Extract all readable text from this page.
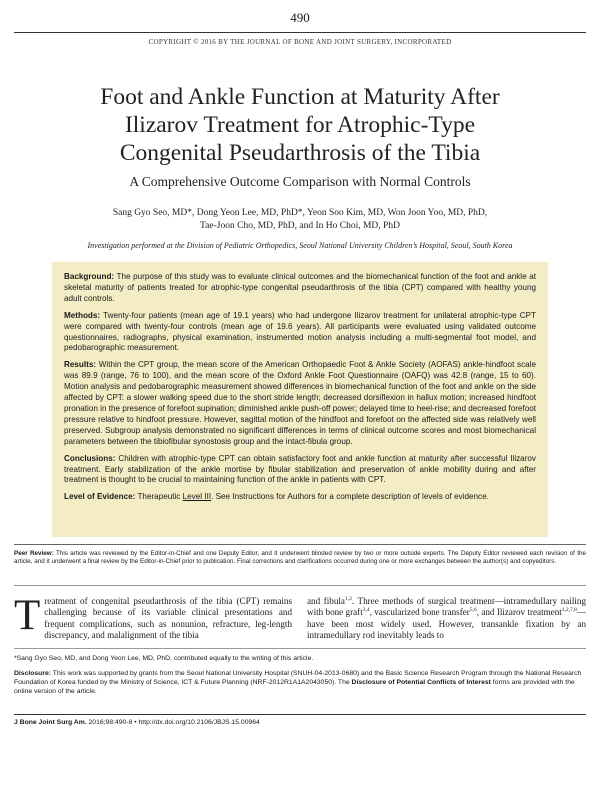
490
COPYRIGHT © 2016 BY THE JOURNAL OF BONE AND JOINT SURGERY, INCORPORATED
Foot and Ankle Function at Maturity After
Ilizarov Treatment for Atrophic-Type
Congenital Pseudarthrosis of the Tibia
A Comprehensive Outcome Comparison with Normal Controls
Sang Gyo Seo, MD*, Dong Yeon Lee, MD, PhD*, Yeon Soo Kim, MD, Won Joon Yoo, MD, PhD,
Tae-Joon Cho, MD, PhD, and In Ho Choi, MD, PhD
Investigation performed at the Division of Pediatric Orthopedics, Seoul National University Children’s Hospital, Seoul, South Korea

Background: The purpose of this study was to evaluate clinical outcomes and the biomechanical function of the foot and ankle at skeletal maturity of patients treated for atrophic-type congenital pseudarthrosis of the tibia (CPT) compared with healthy young adult controls.

Methods: Twenty-four patients (mean age of 19.1 years) who had undergone Ilizarov treatment for unilateral atrophic-type CPT were compared with twenty-four controls (mean age of 19.6 years). All participants were evaluated using validated outcome questionnaires, radiographs, physical examination, instrumented motion analysis including a multi-segmental foot model, and pedobarographic measurement.

Results: Within the CPT group, the mean score of the American Orthopaedic Foot & Ankle Society (AOFAS) ankle-hindfoot scale was 89.9 (range, 76 to 100), and the mean score of the Oxford Ankle Foot Questionnaire (OAFQ) was 42.8 (range, 15 to 60). Motion analysis and pedobarographic measurement showed differences in biomechanical function of the foot and ankle on the side affected by CPT: a slower walking speed due to the short stride length; decreased dorsiflexion in hallux motion; increased hindfoot pronation in the presence of forefoot supination; diminished ankle push-off power; delayed time to heel-rise; and decreased forefoot pressure relative to hindfoot pressure. However, sagittal motion of the hindfoot and forefoot on the affected side was relatively well preserved. Subgroup analysis demonstrated no significant differences in terms of clinical outcome scores and most biomechanical parameters between the tibiofibular synostosis group and the intact-fibula group.

Conclusions: Children with atrophic-type CPT can obtain satisfactory foot and ankle function at maturity after successful Ilizarov treatment. Early stabilization of the ankle mortise by fibular stabilization and preservation of ankle mobility during and after treatment is thought to be crucial to maintaining function of the ankle in patients with CPT.

Level of Evidence: Therapeutic Level III. See Instructions for Authors for a complete description of levels of evidence.

Peer Review: This article was reviewed by the Editor-in-Chief and one Deputy Editor, and it underwent blinded review by two or more outside experts. The Deputy Editor reviewed each revision of the article, and it underwent a final review by the Editor-in-Chief prior to publication. Final corrections and clarifications occurred during one or more exchanges between the author(s) and copyeditors.
Treatment of congenital pseudarthrosis of the tibia (CPT) remains challenging because of its variable clinical presentations and frequent complications, such as nonunion, refracture, leg-length discrepancy, and malalignment of the tibia
and fibula$^{1,2}$. Three methods of surgical treatment—intramedullary nailing with bone graft$^{3,4}$, vascularized bone transfer$^{5,6}$, and Ilizarov treatment$^{1,2,7,8}$—have been most widely used. However, transankle fixation by an intramedullary rod inevitably leads to
*Sang Gyo Seo, MD, and Dong Yeon Lee, MD, PhD, contributed equally to the writing of this article.
Disclosure: This work was supported by grants from the Seoul National University Hospital (SNUH-04-2013-0680) and the Basic Science Research Program through the National Research Foundation of Korea funded by the Ministry of Science, ICT & Future Planning (NRF-2012R1A1A2043050). The Disclosure of Potential Conflicts of Interest forms are provided with the online version of the article.
J Bone Joint Surg Am. 2016;98:490-8 • http://dx.doi.org/10.2106/JBJS.15.00964
